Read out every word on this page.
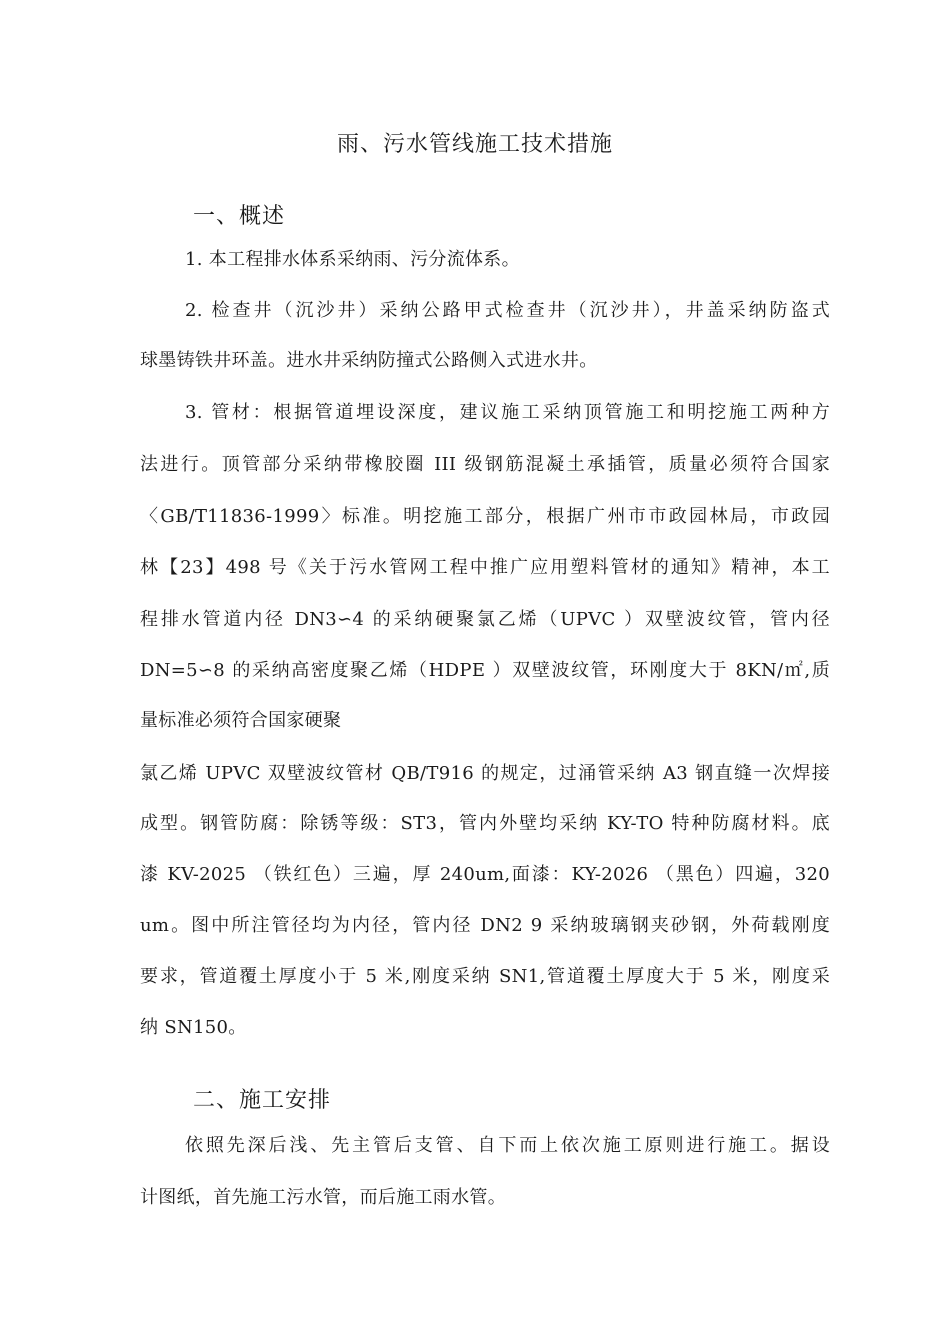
雨、污水管线施工技术措施
一、概述
1. 本工程排水体系采纳雨、污分流体系。
2. 检查井（沉沙井）采纳公路甲式检查井（沉沙井），井盖采纳防盗式
球墨铸铁井环盖。进水井采纳防撞式公路侧入式进水井。
3. 管材：根据管道埋设深度，建议施工采纳顶管施工和明挖施工两种方
法进行。顶管部分采纳带橡胶圈 III 级钢筋混凝土承插管，质量必须符合国家
〈GB/T11836-1999〉标准。明挖施工部分，根据广州市市政园林局，市政园
林【23】498 号《关于污水管网工程中推广应用塑料管材的通知》精神，本工
程排水管道内径 DN3∽4 的采纳硬聚氯乙烯（UPVC ）双壁波纹管，管内径
DN=5∽8 的采纳高密度聚乙烯（HDPE ）双壁波纹管，环刚度大于 8KN/㎡,质
量标准必须符合国家硬聚
氯乙烯 UPVC 双壁波纹管材 QB/T916 的规定，过涌管采纳 A3 钢直缝一次焊接
成型。钢管防腐：除锈等级：ST3，管内外壁均采纳 KY-TO 特种防腐材料。底
漆 KV-2025 （铁红色）三遍，厚 240um,面漆：KY-2026 （黑色）四遍，320
um。图中所注管径均为内径，管内径 DN2 9 采纳玻璃钢夹砂钢，外荷载刚度
要求，管道覆土厚度小于 5 米,刚度采纳 SN1,管道覆土厚度大于 5 米，刚度采
纳 SN150。
二、施工安排
依照先深后浅、先主管后支管、自下而上依次施工原则进行施工。据设
计图纸，首先施工污水管，而后施工雨水管。
